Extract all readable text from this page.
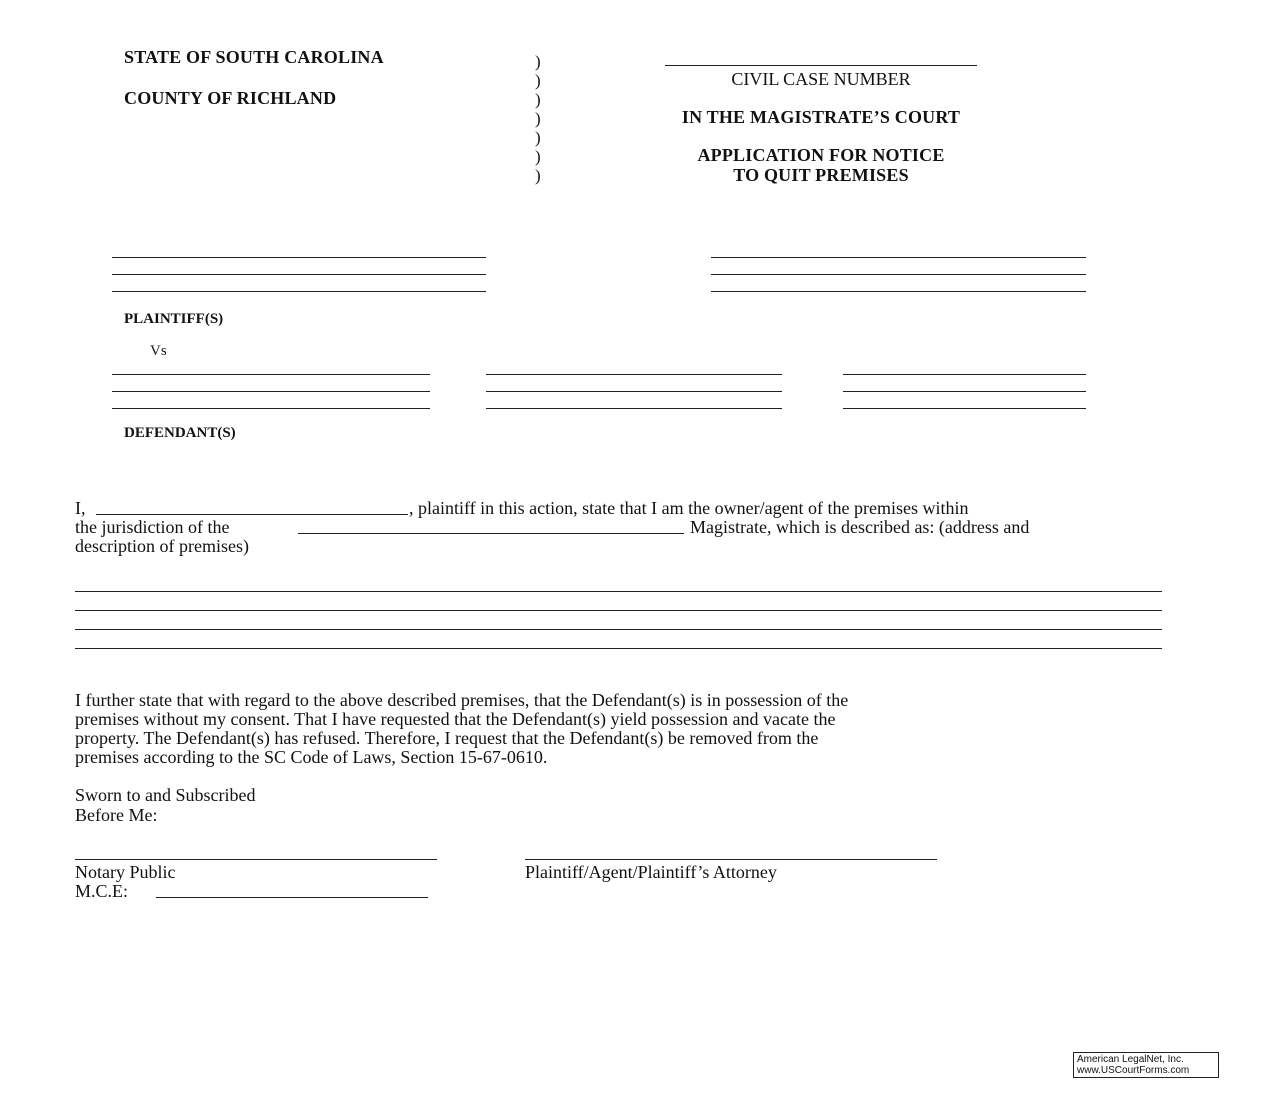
STATE OF SOUTH CAROLINA
COUNTY OF RICHLAND
)
)
)
)
)
)
)
CIVIL CASE NUMBER
IN THE MAGISTRATE’S COURT
APPLICATION FOR NOTICE
TO QUIT PREMISES
PLAINTIFF(S)
Vs
DEFENDANT(S)
I,	, plaintiff in this action, state that I am the owner/agent of the premises within
the jurisdiction of the	Magistrate, which is described as: (address and
description of premises)
I further state that with regard to the above described premises, that the Defendant(s) is in possession of the
premises without my consent. That I have requested that the Defendant(s) yield possession and vacate the
property. The Defendant(s) has refused. Therefore, I request that the Defendant(s) be removed from the
premises according to the SC Code of Laws, Section 15-67-0610.
Sworn to and Subscribed
Before Me:
Notary Public
M.C.E:
Plaintiff/Agent/Plaintiff’s Attorney
American LegalNet, Inc.
www.USCourtForms.com
